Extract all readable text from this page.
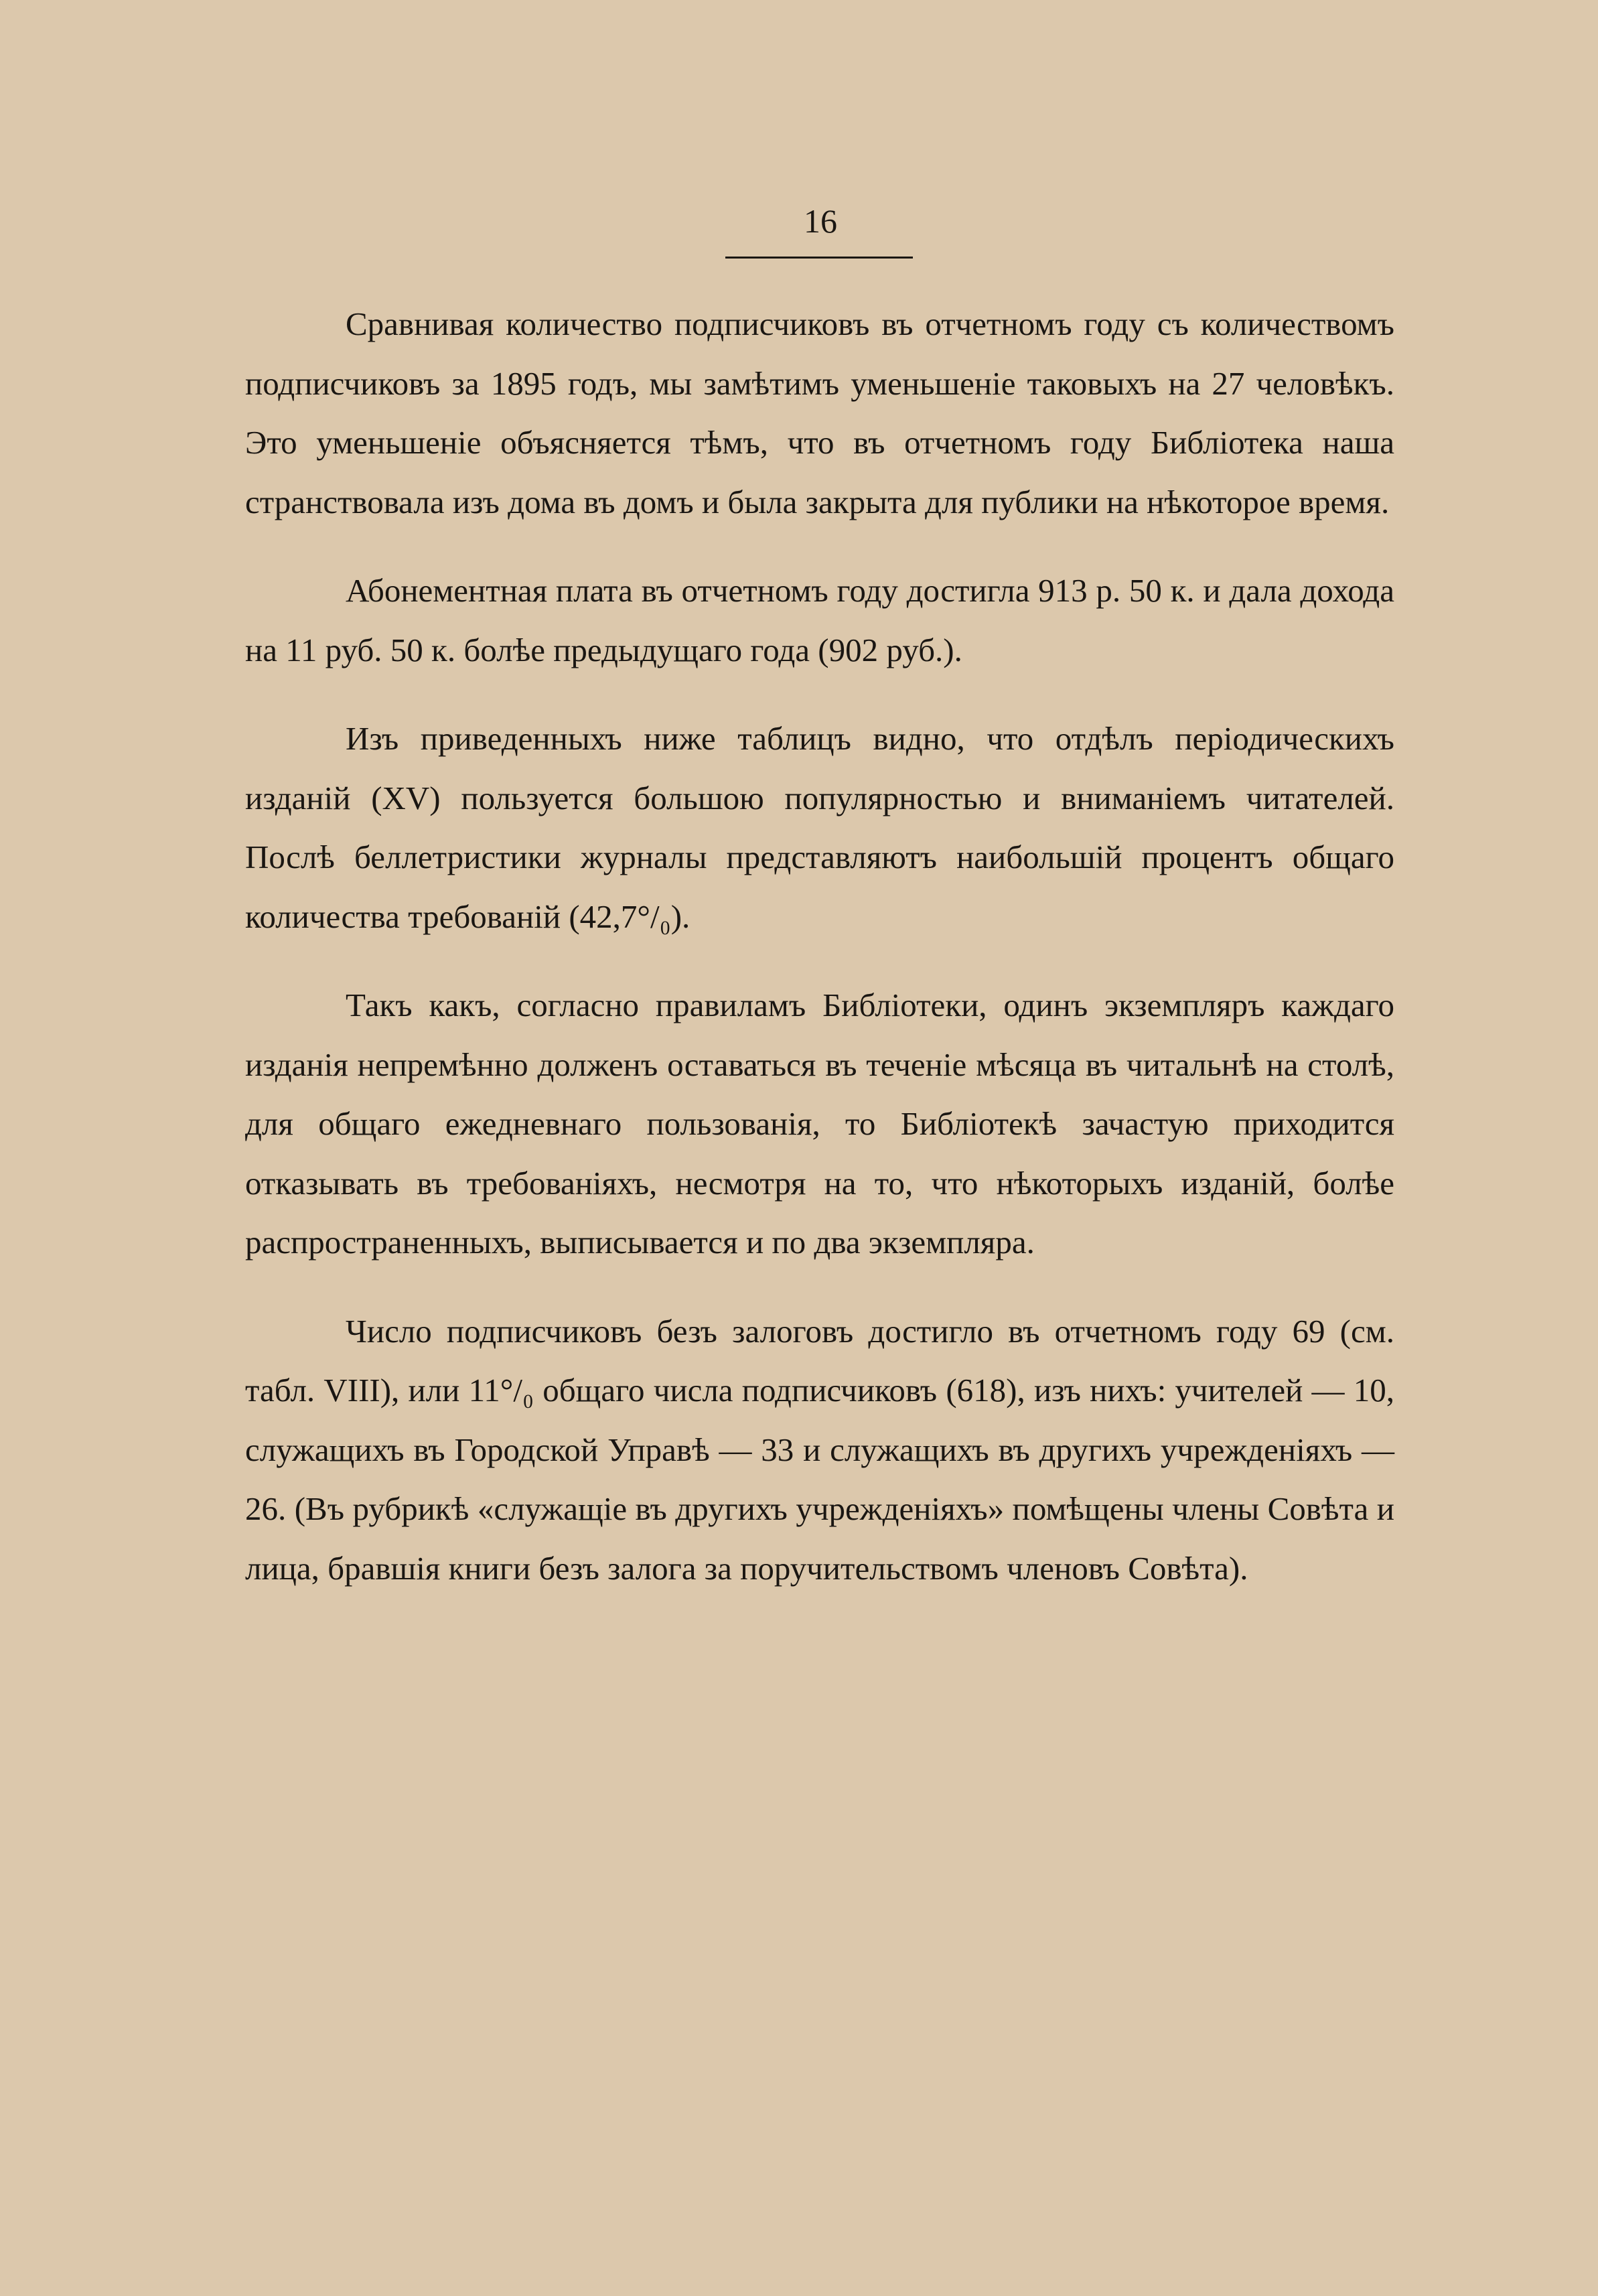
16

Сравнивая количество подписчиковъ въ отчетномъ году съ количествомъ подписчиковъ за 1895 годъ, мы замѣтимъ уменьшеніе таковыхъ на 27 человѣкъ. Это уменьшеніе объясняется тѣмъ, что въ отчетномъ году Библіотека наша странствовала изъ дома въ домъ и была закрыта для публики на нѣкоторое время.

Абонементная плата въ отчетномъ году достигла 913 р. 50 к. и дала дохода на 11 руб. 50 к. болѣе предыдущаго года (902 руб.).

Изъ приведенныхъ ниже таблицъ видно, что отдѣлъ періодическихъ изданій (XV) пользуется большою популярностью и вниманіемъ читателей. Послѣ беллетристики журналы представляютъ наибольшій процентъ общаго количества требованій (42,7°/₀).

Такъ какъ, согласно правиламъ Библіотеки, одинъ экземпляръ каждаго изданія непремѣнно долженъ оставаться въ теченіе мѣсяца въ читальнѣ на столѣ, для общаго ежедневнаго пользованія, то Библіотекѣ зачастую приходится отказывать въ требованіяхъ, несмотря на то, что нѣкоторыхъ изданій, болѣе распространенныхъ, выписывается и по два экземпляра.

Число подписчиковъ безъ залоговъ достигло въ отчетномъ году 69 (см. табл. VIII), или 11°/₀ общаго числа подписчиковъ (618), изъ нихъ: учителей — 10, служащихъ въ Городской Управѣ — 33 и служащихъ въ другихъ учрежденіяхъ — 26. (Въ рубрикѣ «служащіе въ другихъ учрежденіяхъ» помѣщены члены Совѣта и лица, бравшія книги безъ залога за поручительствомъ членовъ Совѣта).
